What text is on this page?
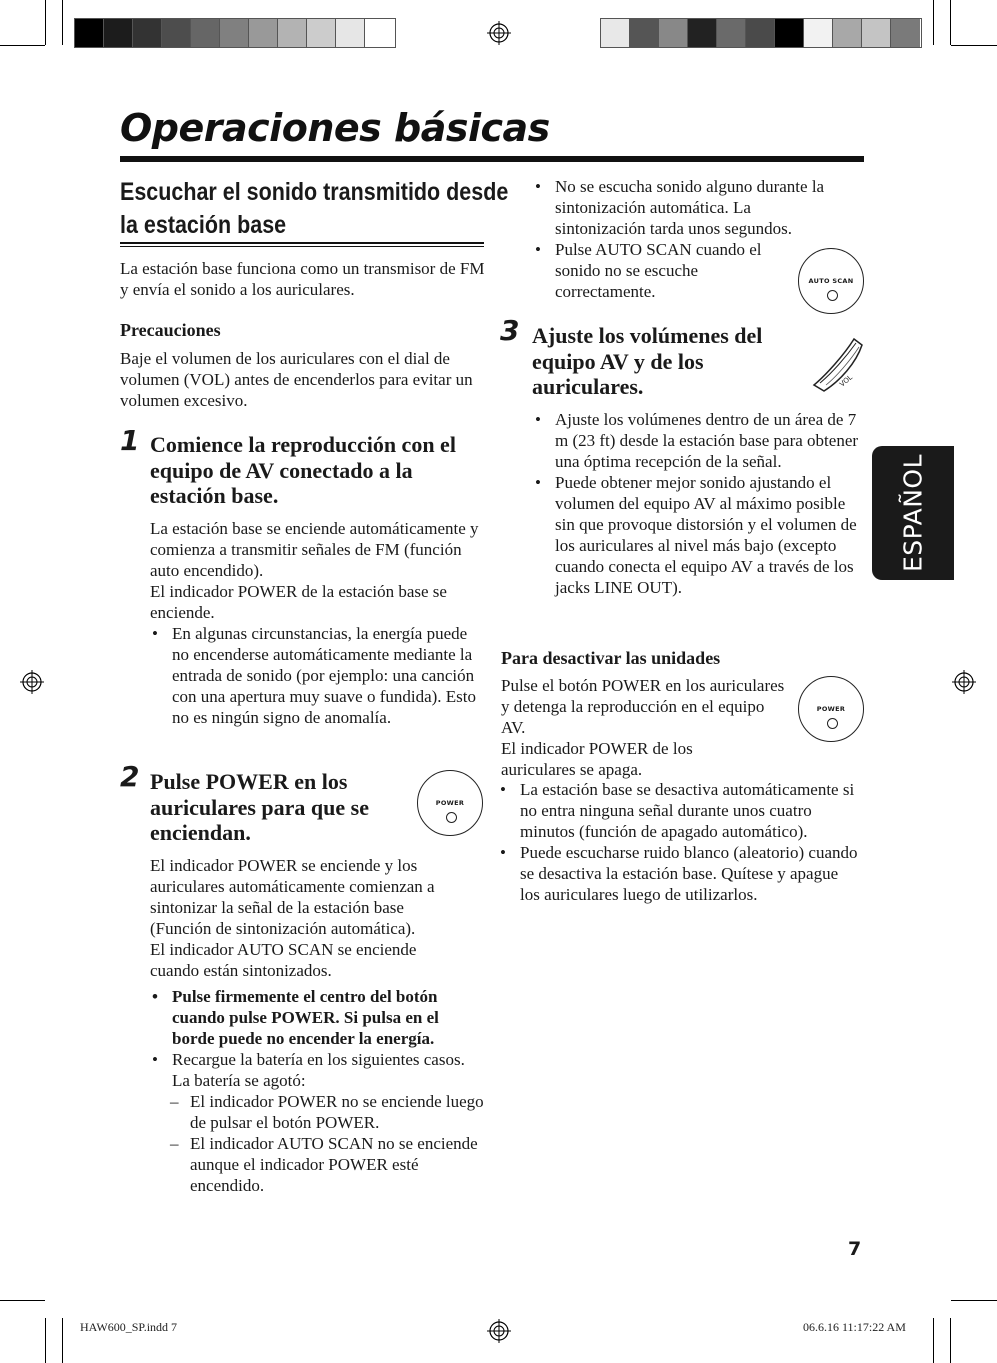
Operaciones básicas
Escuchar el sonido transmitido desde
la estación base

La estación base funciona como un transmisor de FM y envía el sonido a los auriculares.

Precauciones

Baje el volumen de los auriculares con el dial de volumen (VOL) antes de encenderlos para evitar un volumen excesivo.

1 Comience la reproducción con el equipo de AV conectado a la estación base.

La estación base se enciende automáticamente y comienza a transmitir señales de FM (función auto encendido).

El indicador POWER de la estación base se enciende.

• En algunas circunstancias, la energía puede no encenderse automáticamente mediante la entrada de sonido (por ejemplo: una canción con una apertura muy suave o fundida). Esto no es ningún signo de anomalía.
2 Pulse POWER en los auriculares para que se enciendan.
POWER

El indicador POWER se enciende y los auriculares automáticamente comienzan a sintonizar la señal de la estación base (Función de sintonización automática).

El indicador AUTO SCAN se enciende cuando están sintonizados.

• Pulse firmemente el centro del botón cuando pulse POWER. Si pulsa en el borde puede no encender la energía.
• Recargue la batería en los siguientes casos. La batería se agotó:
– El indicador POWER no se enciende luego de pulsar el botón POWER.
– El indicador AUTO SCAN no se enciende aunque el indicador POWER esté encendido.
• No se escucha sonido alguno durante la sintonización automática. La sintonización tarda unos segundos.
• Pulse AUTO SCAN cuando el sonido no se escuche correctamente.
AUTO SCAN
3 Ajuste los volúmenes del equipo AV y de los auriculares.	VOL
• Ajuste los volúmenes dentro de un área de 7 m (23 ft) desde la estación base para obtener una óptima recepción de la señal.
• Puede obtener mejor sonido ajustando el volumen del equipo AV al máximo posible sin que provoque distorsión y el volumen de los auriculares al nivel más bajo (excepto cuando conecta el equipo AV a través de los jacks LINE OUT).

Para desactivar las unidades

Pulse el botón POWER en los auriculares y detenga la reproducción en el equipo AV.

El indicador POWER de los auriculares se apaga.

POWER
• La estación base se desactiva automáticamente si no entra ninguna señal durante unos cuatro minutos (función de apagado automático).
• Puede escucharse ruido blanco (aleatorio) cuando se desactiva la estación base. Quítese y apague los auriculares luego de utilizarlos.
ESPAÑOL
7
HAW600_SP.indd 7	06.6.16 11:17:22 AM
